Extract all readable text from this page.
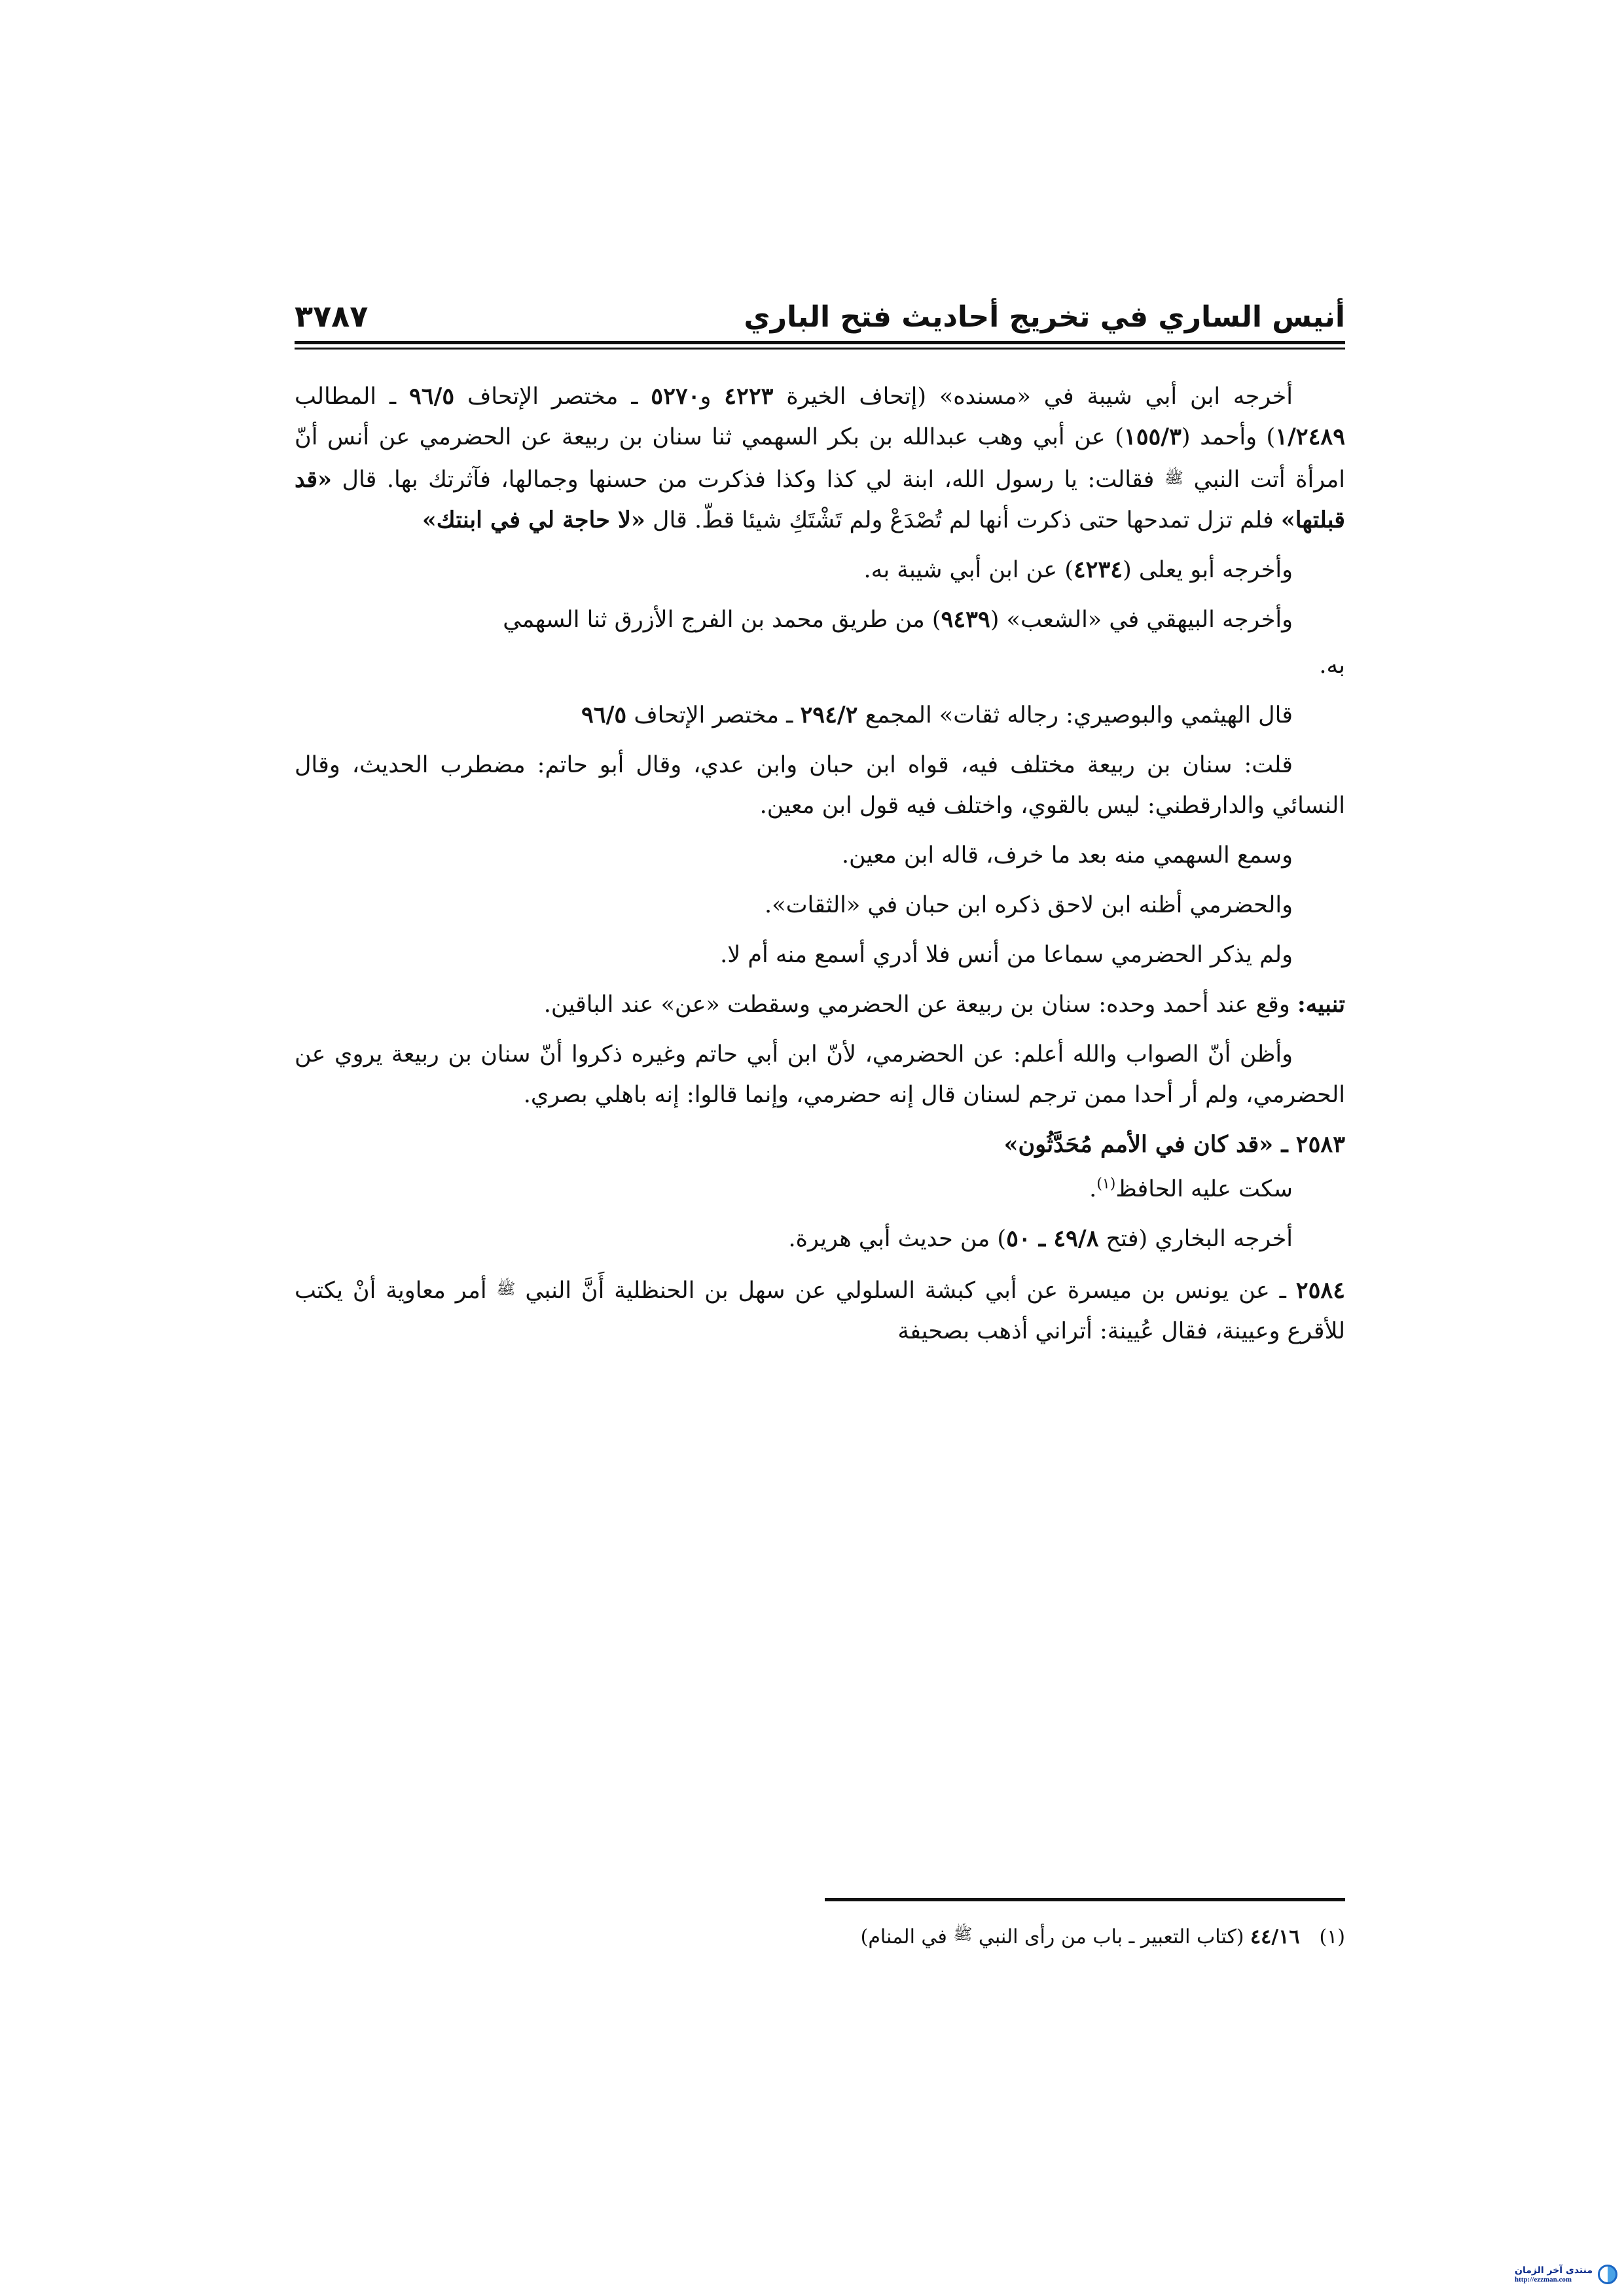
أنيس الساري في تخريج أحاديث فتح الباري
٣٧٨٧

أخرجه ابن أبي شيبة في «مسنده» (إتحاف الخيرة ٤٢٢٣ و٥٢٧٠ ـ مختصر الإتحاف ٩٦/٥ ـ المطالب ١/٢٤٨٩) وأحمد (١٥٥/٣) عن أبي وهب عبدالله بن بكر السهمي ثنا سنان بن ربيعة عن الحضرمي عن أنس أنّ امرأة أتت النبي ﷺ فقالت: يا رسول الله، ابنة لي كذا وكذا فذكرت من حسنها وجمالها، فآثرتك بها. قال «قد قبلتها» فلم تزل تمدحها حتى ذكرت أنها لم تُصْدَعْ ولم تَشْتَكِ شيئا قطّ. قال «لا حاجة لي في ابنتك»

وأخرجه أبو يعلى (٤٢٣٤) عن ابن أبي شيبة به.

وأخرجه البيهقي في «الشعب» (٩٤٣٩) من طريق محمد بن الفرج الأزرق ثنا السهمي

به.

قال الهيثمي والبوصيري: رجاله ثقات» المجمع ٢٩٤/٢ ـ مختصر الإتحاف ٩٦/٥

قلت: سنان بن ربيعة مختلف فيه، قواه ابن حبان وابن عدي، وقال أبو حاتم: مضطرب الحديث، وقال النسائي والدارقطني: ليس بالقوي، واختلف فيه قول ابن معين.

وسمع السهمي منه بعد ما خرف، قاله ابن معين.

والحضرمي أظنه ابن لاحق ذكره ابن حبان في «الثقات».

ولم يذكر الحضرمي سماعا من أنس فلا أدري أسمع منه أم لا.

تنبيه: وقع عند أحمد وحده: سنان بن ربيعة عن الحضرمي وسقطت «عن» عند الباقين.

وأظن أنّ الصواب والله أعلم: عن الحضرمي، لأنّ ابن أبي حاتم وغيره ذكروا أنّ سنان بن ربيعة يروي عن الحضرمي، ولم أر أحدا ممن ترجم لسنان قال إنه حضرمي، وإنما قالوا: إنه باهلي بصري.

٢٥٨٣ ـ «قد كان في الأمم مُحَدَّثُون»

سكت عليه الحافظ$^{(١)}$.

أخرجه البخاري (فتح ٤٩/٨ ـ ٥٠) من حديث أبي هريرة.

٢٥٨٤ ـ عن يونس بن ميسرة عن أبي كبشة السلولي عن سهل بن الحنظلية أَنَّ النبي ﷺ أمر معاوية أنْ يكتب للأقرع وعيينة، فقال عُيينة: أتراني أذهب بصحيفة

(١)٤٤/١٦ (كتاب التعبير ـ باب من رأى النبي $^ﷺ$ في المنام)
منتدى آخر الزمان
http://ezzman.com
